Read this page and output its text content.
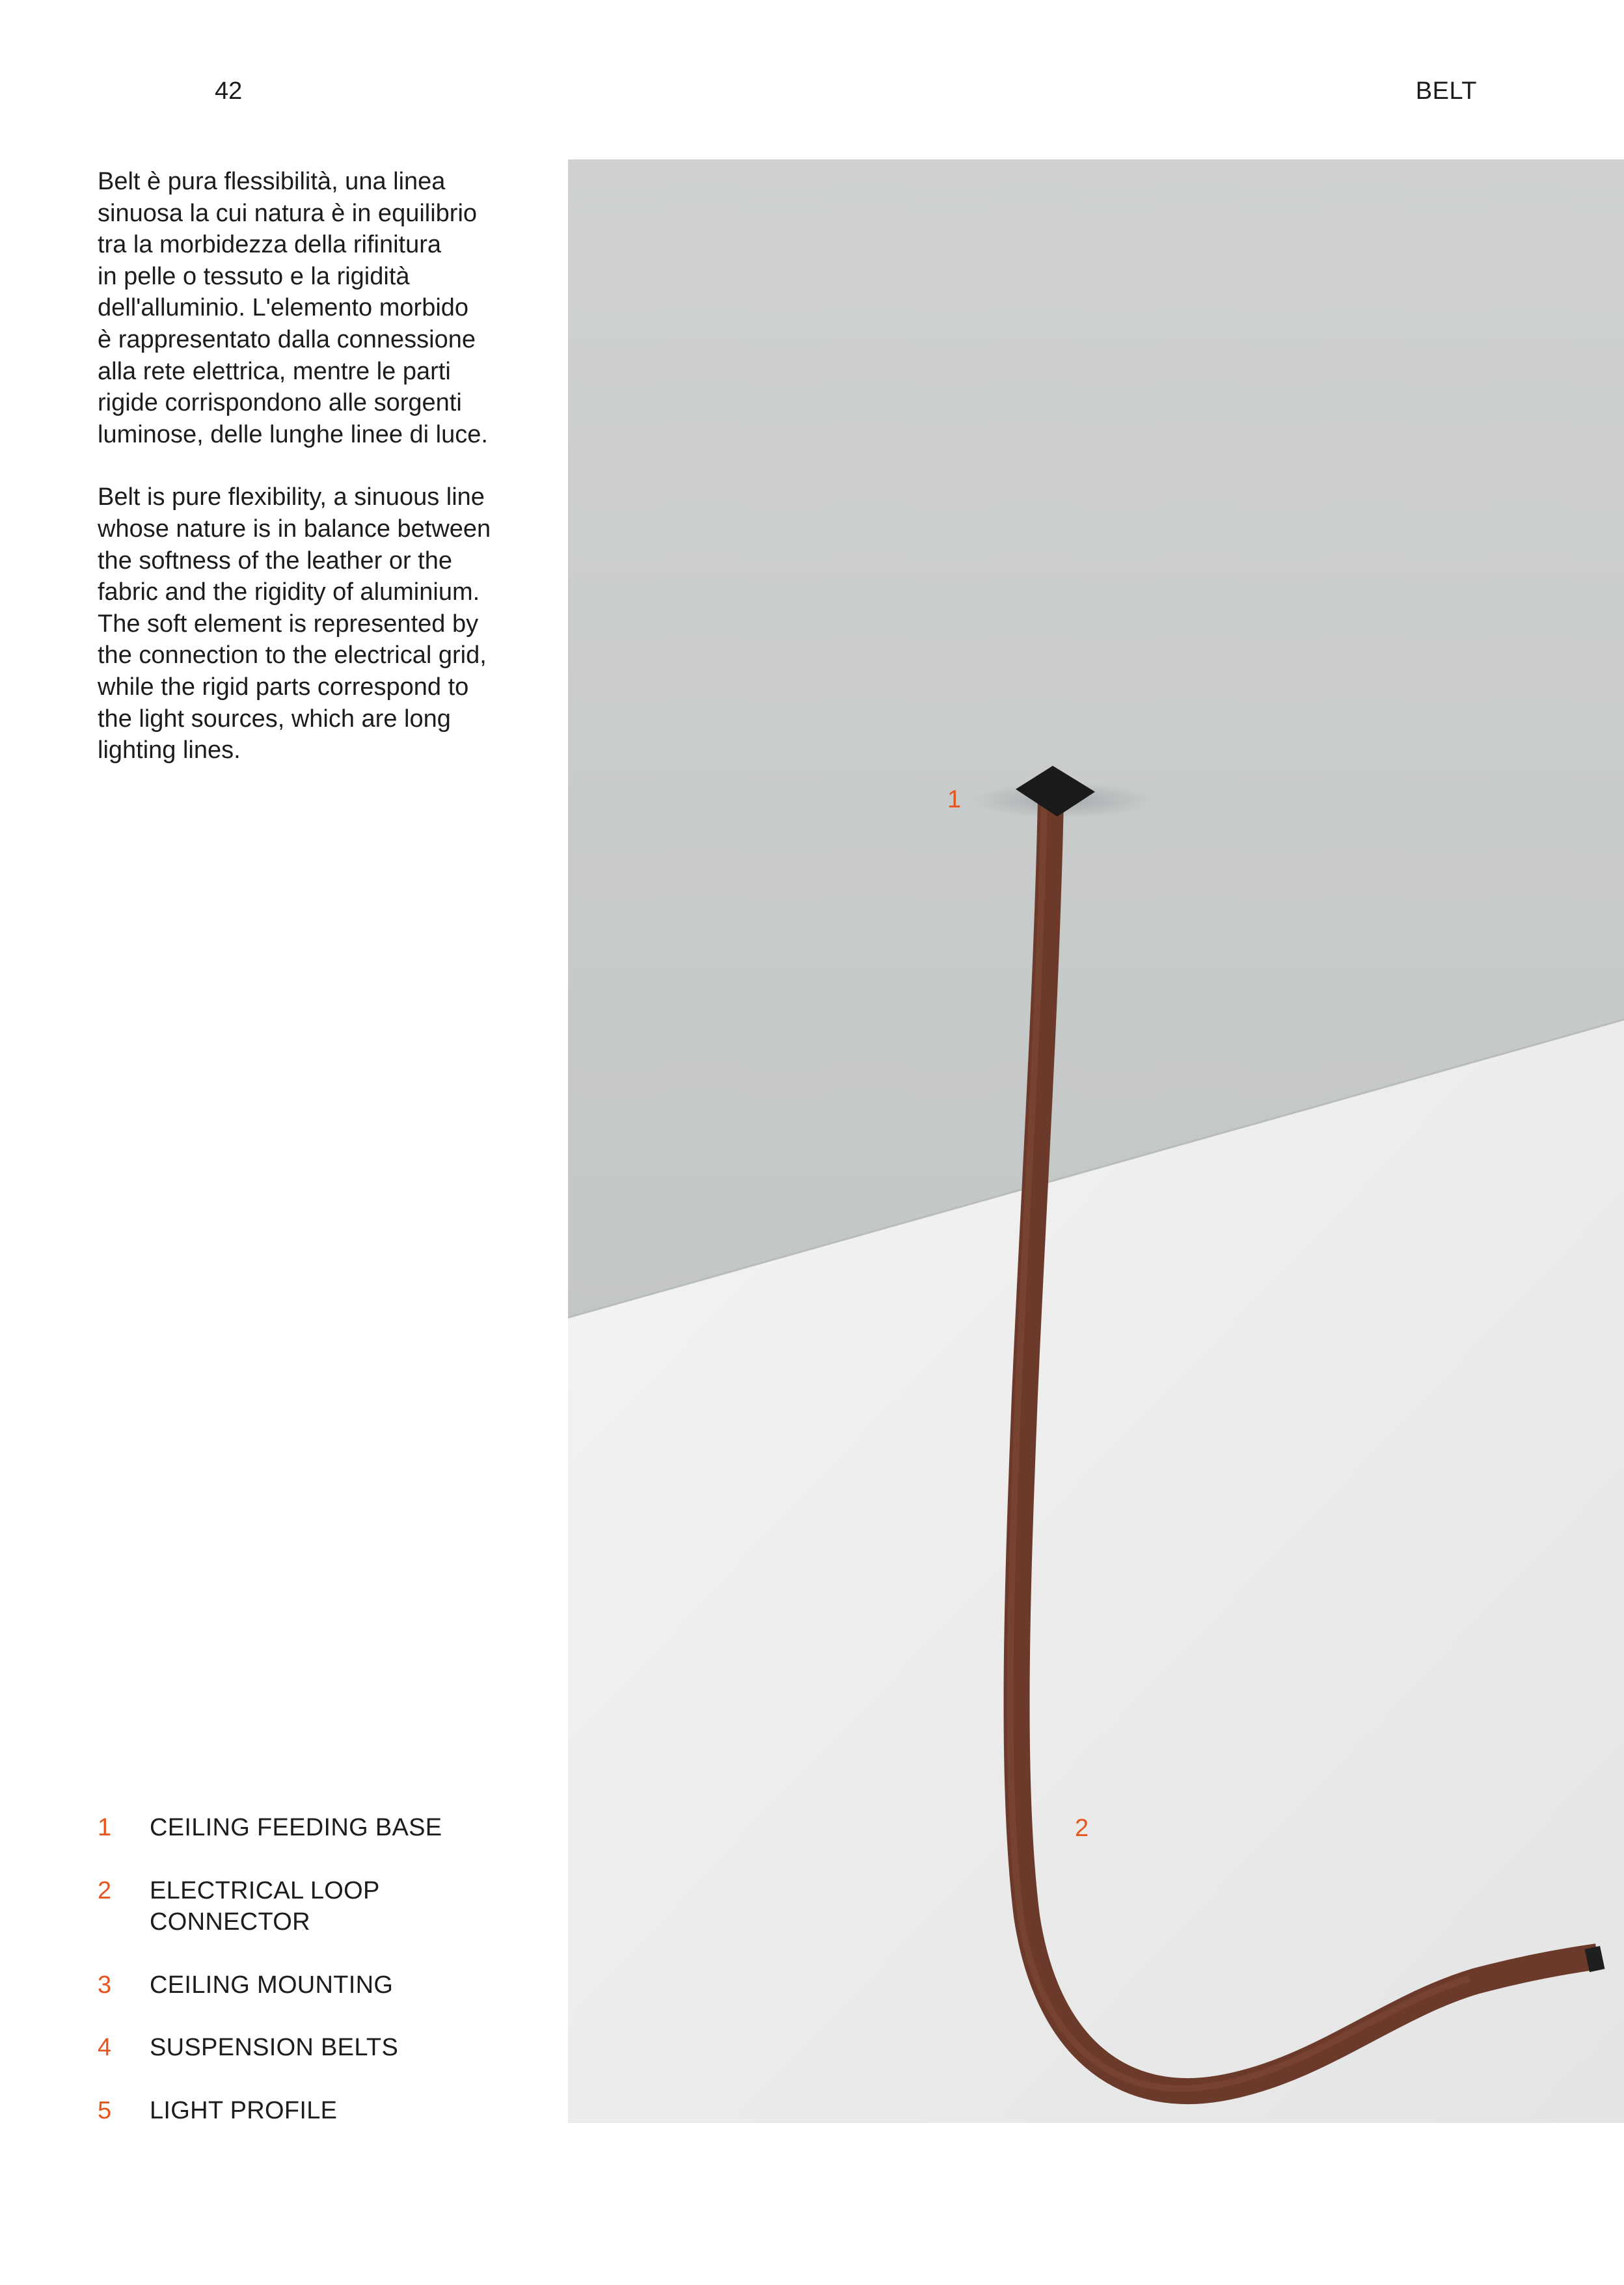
42	BELT

Belt è pura flessibilità, una linea
sinuosa la cui natura è in equilibrio
tra la morbidezza della rifinitura
in pelle o tessuto e la rigidità
dell'alluminio. L'elemento morbido
è rappresentato dalla connessione
alla rete elettrica, mentre le parti
rigide corrispondono alle sorgenti
luminose, delle lunghe linee di luce.

Belt is pure flexibility, a sinuous line
whose nature is in balance between
the softness of the leather or the
fabric and the rigidity of aluminium.
The soft element is represented by
the connection to the electrical grid,
while the rigid parts correspond to
the light sources, which are long
lighting lines.

1	CEILING FEEDING BASE
2	ELECTRICAL LOOP
CONNECTOR
3	CEILING MOUNTING
4	SUSPENSION BELTS
5	LIGHT PROFILE
1
2
